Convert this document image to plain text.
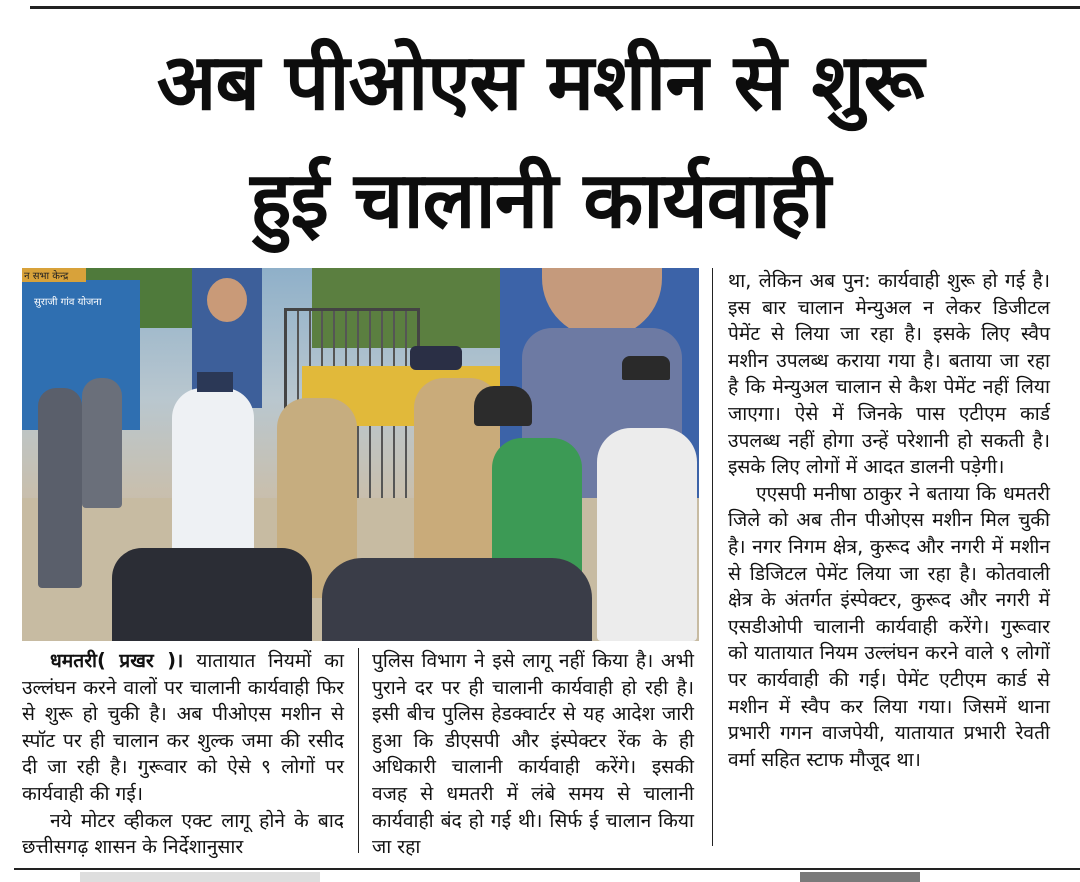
अब पीओएस मशीन से शुरू
हुई चालानी कार्यवाही
सुराजी गांव योजना
न सभा केन्द्र

धमतरी( प्रखर )। यातायात नियमों का उल्लंघन करने वालों पर चालानी कार्यवाही फिर से शुरू हो चुकी है। अब पीओएस मशीन से स्पॉट पर ही चालान कर शुल्क जमा की रसीद दी जा रही है। गुरूवार को ऐसे ९ लोगों पर कार्यवाही की गई।

नये मोटर व्हीकल एक्ट लागू होने के बाद छत्तीसगढ़ शासन के निर्देशानुसार

पुलिस विभाग ने इसे लागू नहीं किया है। अभी पुराने दर पर ही चालानी कार्यवाही हो रही है। इसी बीच पुलिस हेडक्वार्टर से यह आदेश जारी हुआ कि डीएसपी और इंस्पेक्टर रेंक के ही अधिकारी चालानी कार्यवाही करेंगे। इसकी वजह से धमतरी में लंबे समय से चालानी कार्यवाही बंद हो गई थी। सिर्फ ई चालान किया जा रहा

था, लेकिन अब पुन: कार्यवाही शुरू हो गई है। इस बार चालान मेन्युअल न लेकर डिजीटल पेमेंट से लिया जा रहा है। इसके लिए स्वैप मशीन उपलब्ध कराया गया है। बताया जा रहा है कि मेन्युअल चालान से कैश पेमेंट नहीं लिया जाएगा। ऐसे में जिनके पास एटीएम कार्ड उपलब्ध नहीं होगा उन्हें परेशानी हो सकती है। इसके लिए लोगों में आदत डालनी पड़ेगी।

एएसपी मनीषा ठाकुर ने बताया कि धमतरी जिले को अब तीन पीओएस मशीन मिल चुकी है। नगर निगम क्षेत्र, कुरूद और नगरी में मशीन से डिजिटल पेमेंट लिया जा रहा है। कोतवाली क्षेत्र के अंतर्गत इंस्पेक्टर, कुरूद और नगरी में एसडीओपी चालानी कार्यवाही करेंगे। गुरूवार को यातायात नियम उल्लंघन करने वाले ९ लोगों पर कार्यवाही की गई। पेमेंट एटीएम कार्ड से मशीन में स्वैप कर लिया गया। जिसमें थाना प्रभारी गगन वाजपेयी, यातायात प्रभारी रेवती वर्मा सहित स्टाफ मौजूद था।
